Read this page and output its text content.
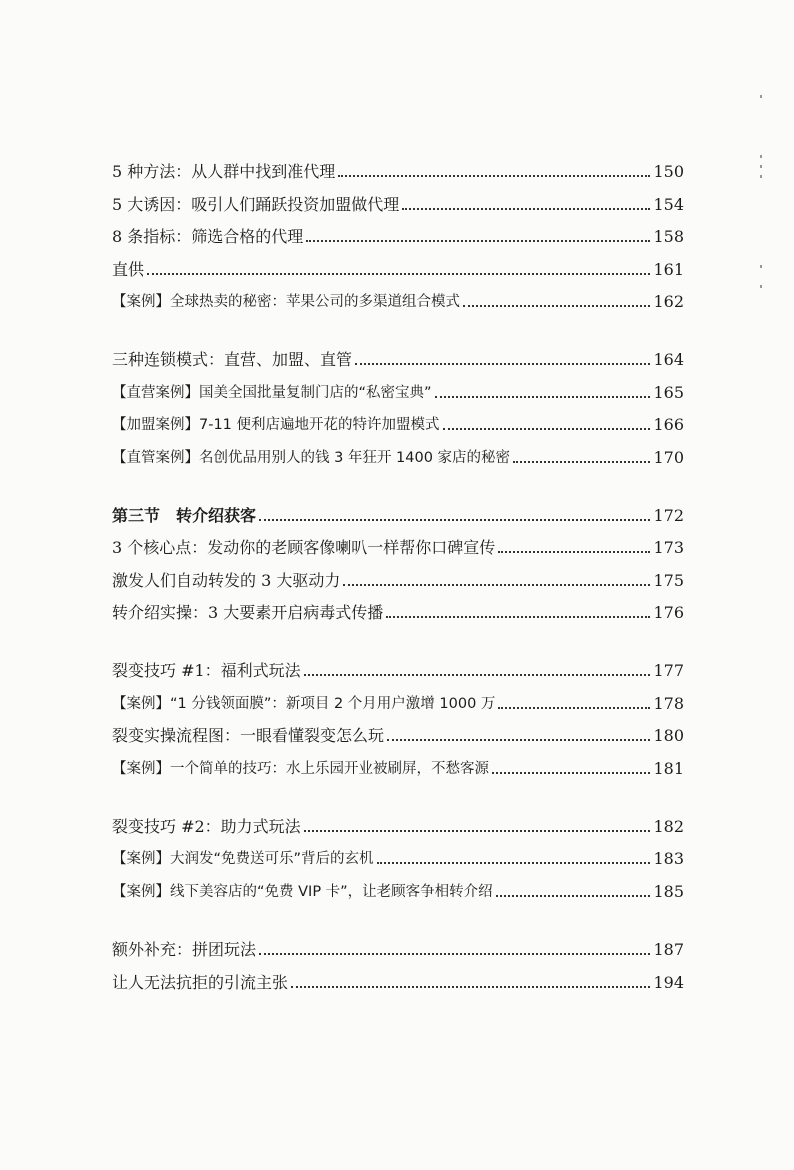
5 种方法：从人群中找到准代理	150
5 大诱因：吸引人们踊跃投资加盟做代理	154
8 条指标：筛选合格的代理	158
直供	161
【案例】全球热卖的秘密：苹果公司的多渠道组合模式	162
三种连锁模式：直营、加盟、直管	164
【直营案例】国美全国批量复制门店的“私密宝典”	165
【加盟案例】7-11 便利店遍地开花的特许加盟模式	166
【直管案例】名创优品用别人的钱 3 年狂开 1400 家店的秘密	170
第三节　转介绍获客	172
3 个核心点：发动你的老顾客像喇叭一样帮你口碑宣传	173
激发人们自动转发的 3 大驱动力	175
转介绍实操：3 大要素开启病毒式传播	176
裂变技巧 #1：福利式玩法	177
【案例】“1 分钱领面膜”：新项目 2 个月用户激增 1000 万	178
裂变实操流程图：一眼看懂裂变怎么玩	180
【案例】一个简单的技巧：水上乐园开业被刷屏，不愁客源	181
裂变技巧 #2：助力式玩法	182
【案例】大润发“免费送可乐”背后的玄机	183
【案例】线下美容店的“免费 VIP 卡”，让老顾客争相转介绍	185
额外补充：拼团玩法	187
让人无法抗拒的引流主张	194
